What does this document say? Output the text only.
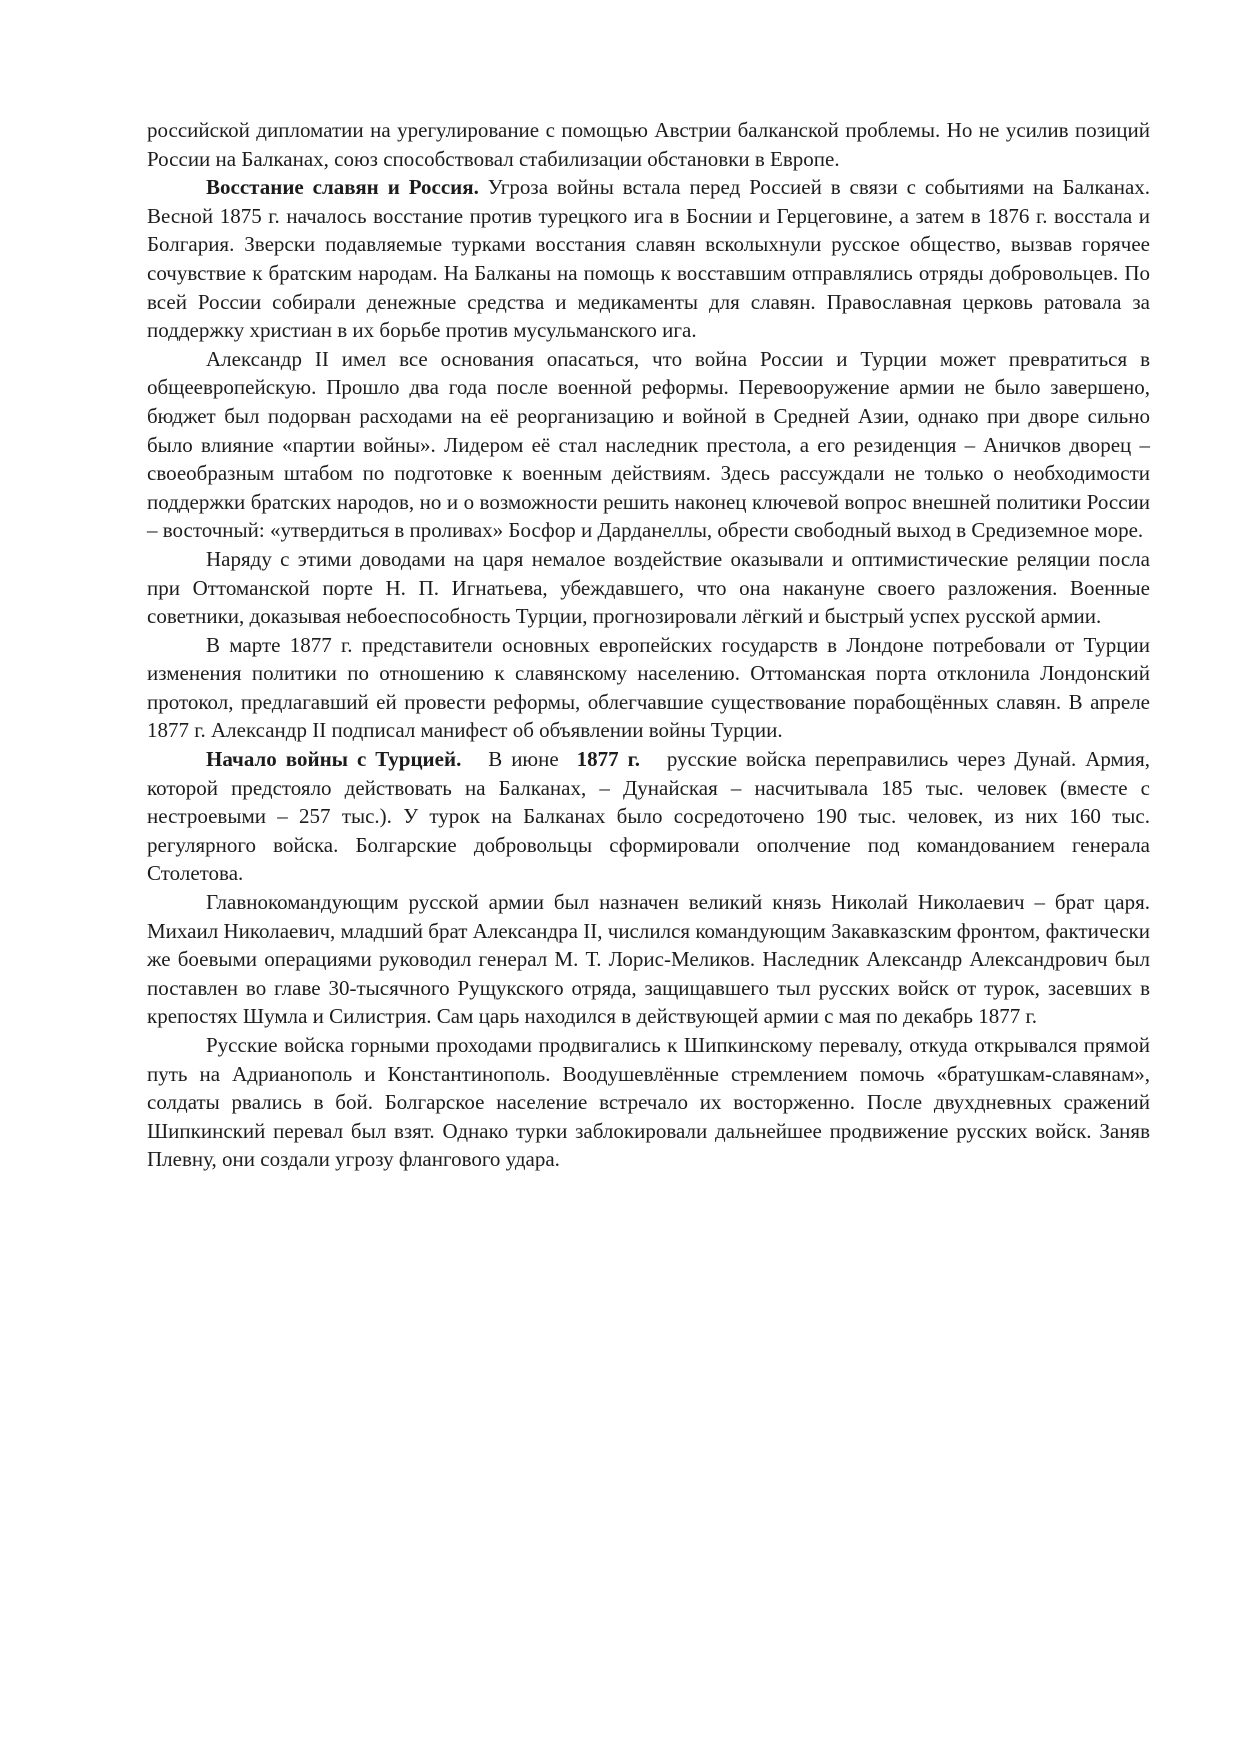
российской дипломатии на урегулирование с помощью Австрии балканской проблемы. Но не усилив позиций России на Балканах, союз способствовал стабилизации обстановки в Европе.

Восстание славян и Россия. Угроза войны встала перед Россией в связи с событиями на Балканах. Весной 1875 г. началось восстание против турецкого ига в Боснии и Герцеговине, а затем в 1876 г. восстала и Болгария. Зверски подавляемые турками восстания славян всколыхнули русское общество, вызвав горячее сочувствие к братским народам. На Балканы на помощь к восставшим отправлялись отряды добровольцев. По всей России собирали денежные средства и медикаменты для славян. Православная церковь ратовала за поддержку христиан в их борьбе против мусульманского ига.

Александр II имел все основания опасаться, что война России и Турции может превратиться в общеевропейскую. Прошло два года после военной реформы. Перевооружение армии не было завершено, бюджет был подорван расходами на её реорганизацию и войной в Средней Азии, однако при дворе сильно было влияние «партии войны». Лидером её стал наследник престола, а его резиденция – Аничков дворец – своеобразным штабом по подготовке к военным действиям. Здесь рассуждали не только о необходимости поддержки братских народов, но и о возможности решить наконец ключевой вопрос внешней политики России – восточный: «утвердиться в проливах» Босфор и Дарданеллы, обрести свободный выход в Средиземное море.

Наряду с этими доводами на царя немалое воздействие оказывали и оптимистические реляции посла при Оттоманской порте Н. П. Игнатьева, убеждавшего, что она накануне своего разложения. Военные советники, доказывая небоеспособность Турции, прогнозировали лёгкий и быстрый успех русской армии.

В марте 1877 г. представители основных европейских государств в Лондоне потребовали от Турции изменения политики по отношению к славянскому населению. Оттоманская порта отклонила Лондонский протокол, предлагавший ей провести реформы, облегчавшие существование порабощённых славян. В апреле 1877 г. Александр II подписал манифест об объявлении войны Турции.

Начало войны с Турцией.   В июне  1877 г.   русские войска переправились через Дунай. Армия, которой предстояло действовать на Балканах, – Дунайская – насчитывала 185 тыс. человек (вместе с нестроевыми – 257 тыс.). У турок на Балканах было сосредоточено 190 тыс. человек, из них 160 тыс. регулярного войска. Болгарские добровольцы сформировали ополчение под командованием генерала Столетова.

Главнокомандующим русской армии был назначен великий князь Николай Николаевич – брат царя. Михаил Николаевич, младший брат Александра II, числился командующим Закавказским фронтом, фактически же боевыми операциями руководил генерал М. Т. Лорис-Меликов. Наследник Александр Александрович был поставлен во главе 30-тысячного Рущукского отряда, защищавшего тыл русских войск от турок, засевших в крепостях Шумла и Силистрия. Сам царь находился в действующей армии с мая по декабрь 1877 г.

Русские войска горными проходами продвигались к Шипкинскому перевалу, откуда открывался прямой путь на Адрианополь и Константинополь. Воодушевлённые стремлением помочь «братушкам-славянам», солдаты рвались в бой. Болгарское население встречало их восторженно. После двухдневных сражений Шипкинский перевал был взят. Однако турки заблокировали дальнейшее продвижение русских войск. Заняв Плевну, они создали угрозу флангового удара.
